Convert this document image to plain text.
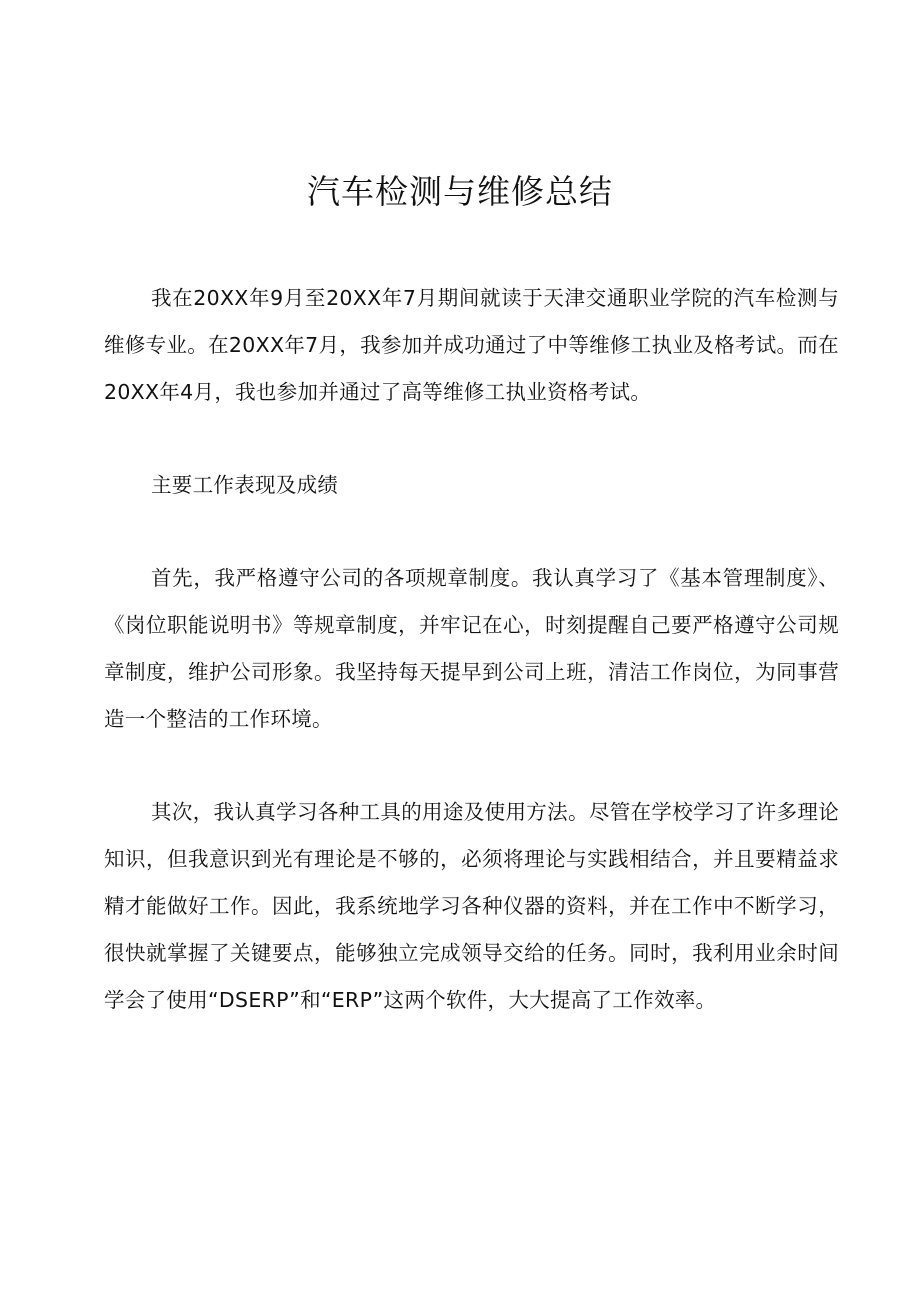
汽车检测与维修总结

我在20XX年9月至20XX年7月期间就读于天津交通职业学院的汽车检测与维修专业。在20XX年7月，我参加并成功通过了中等维修工执业及格考试。而在20XX年4月，我也参加并通过了高等维修工执业资格考试。

主要工作表现及成绩

首先，我严格遵守公司的各项规章制度。我认真学习了《基本管理制度》、《岗位职能说明书》等规章制度，并牢记在心，时刻提醒自己要严格遵守公司规章制度，维护公司形象。我坚持每天提早到公司上班，清洁工作岗位，为同事营造一个整洁的工作环境。

其次，我认真学习各种工具的用途及使用方法。尽管在学校学习了许多理论知识，但我意识到光有理论是不够的，必须将理论与实践相结合，并且要精益求精才能做好工作。因此，我系统地学习各种仪器的资料，并在工作中不断学习，很快就掌握了关键要点，能够独立完成领导交给的任务。同时，我利用业余时间学会了使用“DSERP”和“ERP”这两个软件，大大提高了工作效率。
